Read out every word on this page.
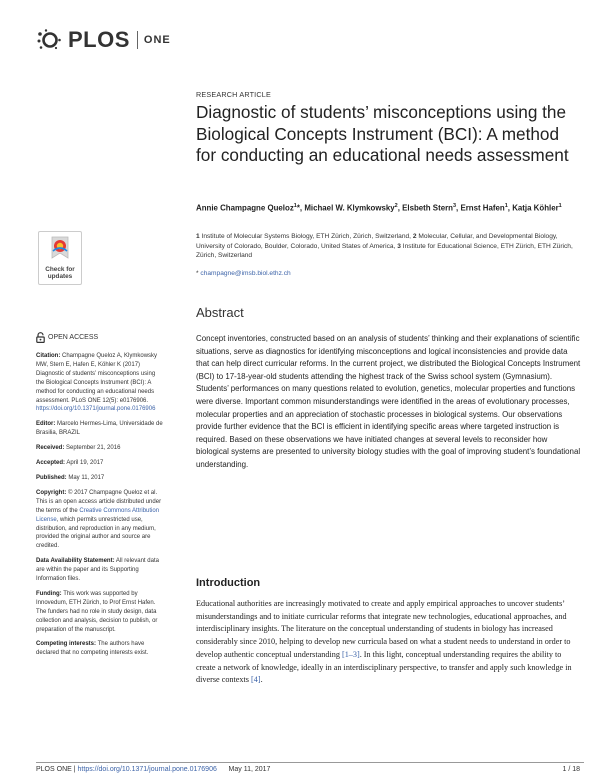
PLOS ONE
Check for
updates
RESEARCH ARTICLE
Diagnostic of students’ misconceptions using the Biological Concepts Instrument (BCI): A method for conducting an educational needs assessment
Annie Champagne Queloz$^1$*, Michael W. Klymkowsky$^2$, Elsbeth Stern$^3$, Ernst Hafen$^1$, Katja Köhler$^1$
1 Institute of Molecular Systems Biology, ETH Zürich, Zürich, Switzerland, 2 Molecular, Cellular, and Developmental Biology, University of Colorado, Boulder, Colorado, United States of America, 3 Institute for Educational Science, ETH Zürich, ETH Zürich, Zürich, Switzerland
* champagne@imsb.biol.ethz.ch
Abstract

Concept inventories, constructed based on an analysis of students’ thinking and their explanations of scientific situations, serve as diagnostics for identifying misconceptions and logical inconsistencies and provide data that can help direct curricular reforms. In the current project, we distributed the Biological Concepts Instrument (BCI) to 17-18-year-old students attending the highest track of the Swiss school system (Gymnasium). Students’ performances on many questions related to evolution, genetics, molecular properties and functions were diverse. Important common misunderstandings were identified in the areas of evolutionary processes, molecular properties and an appreciation of stochastic processes in biological systems. Our observations provide further evidence that the BCI is efficient in identifying specific areas where targeted instruction is required. Based on these observations we have initiated changes at several levels to reconsider how biological systems are presented to university biology studies with the goal of improving student’s foundational understanding.

Introduction

Educational authorities are increasingly motivated to create and apply empirical approaches to uncover students’ misunderstandings and to initiate curricular reforms that integrate new technologies, educational approaches, and interdisciplinary insights. The literature on the conceptual understanding of students in biology has increased considerably since 2010, helping to develop new curricula based on what a student needs to understand in order to develop authentic conceptual understanding [1–3]. In this light, conceptual understanding requires the ability to create a network of knowledge, ideally in an interdisciplinary perspective, to transfer and apply such knowledge in diverse contexts [4].

OPEN ACCESS

Citation: Champagne Queloz A, Klymkowsky MW, Stern E, Hafen E, Köhler K (2017) Diagnostic of students’ misconceptions using the Biological Concepts Instrument (BCI): A method for conducting an educational needs assessment. PLoS ONE 12(5): e0176906. https://doi.org/10.1371/journal.pone.0176906

Editor: Marcelo Hermes-Lima, Universidade de Brasilia, BRAZIL

Received: September 21, 2016

Accepted: April 19, 2017

Published: May 11, 2017

Copyright: © 2017 Champagne Queloz et al. This is an open access article distributed under the terms of the Creative Commons Attribution License, which permits unrestricted use, distribution, and reproduction in any medium, provided the original author and source are credited.

Data Availability Statement: All relevant data are within the paper and its Supporting Information files.

Funding: This work was supported by Innovedum, ETH Zürich, to Prof Ernst Hafen. The funders had no role in study design, data collection and analysis, decision to publish, or preparation of the manuscript.

Competing interests: The authors have declared that no competing interests exist.

PLOS ONE | https://doi.org/10.1371/journal.pone.0176906 May 11, 2017	1 / 18
